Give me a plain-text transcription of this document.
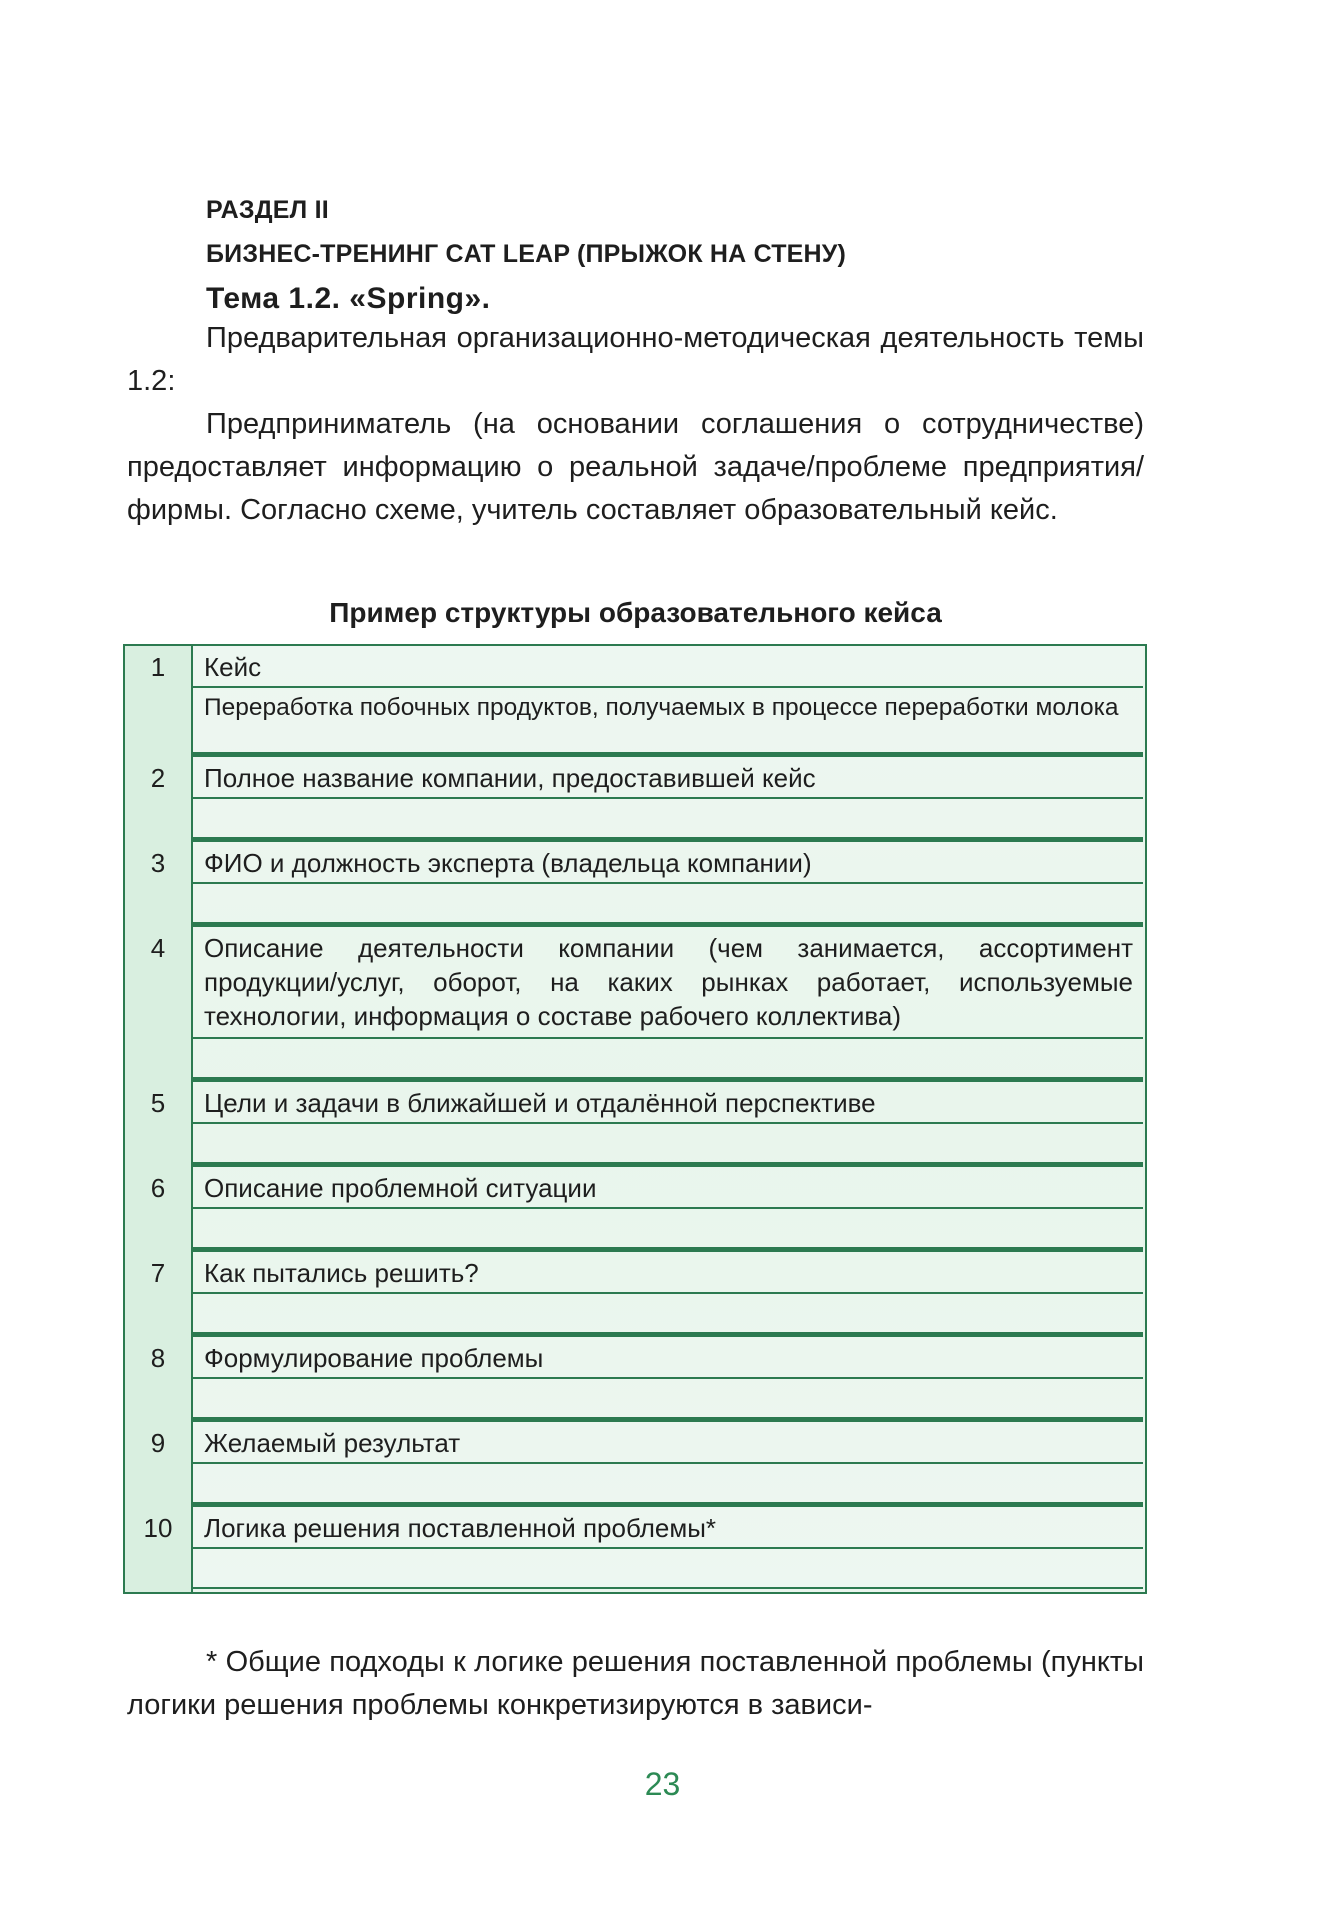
РАЗДЕЛ II
БИЗНЕС-ТРЕНИНГ CAT LEAP (ПРЫЖОК НА СТЕНУ)
Тема 1.2. «Spring».

Предварительная организационно-методическая деятельность темы 1.2:

Предприниматель (на основании соглашения о сотрудничестве) предоставляет информацию о реальной задаче/проблеме предприятия/фирмы. Согласно схеме, учитель составляет образовательный кейс.

Пример структуры образовательного кейса
1	Кейс
Переработка побочных продуктов, получаемых в процессе переработки молока
2	Полное название компании, предоставившей кейс
3	ФИО и должность эксперта (владельца компании)
4	Описание деятельности компании (чем занимается, ассортимент продукции/услуг, оборот, на каких рынках работает, используемые технологии, информация о составе рабочего коллектива)
5	Цели и задачи в ближайшей и отдалённой перспективе
6	Описание проблемной ситуации
7	Как пытались решить?
8	Формулирование проблемы
9	Желаемый результат
10	Логика решения поставленной проблемы*

* Общие подходы к логике решения поставленной проблемы (пункты логики решения проблемы конкретизируются в зависи-

23
